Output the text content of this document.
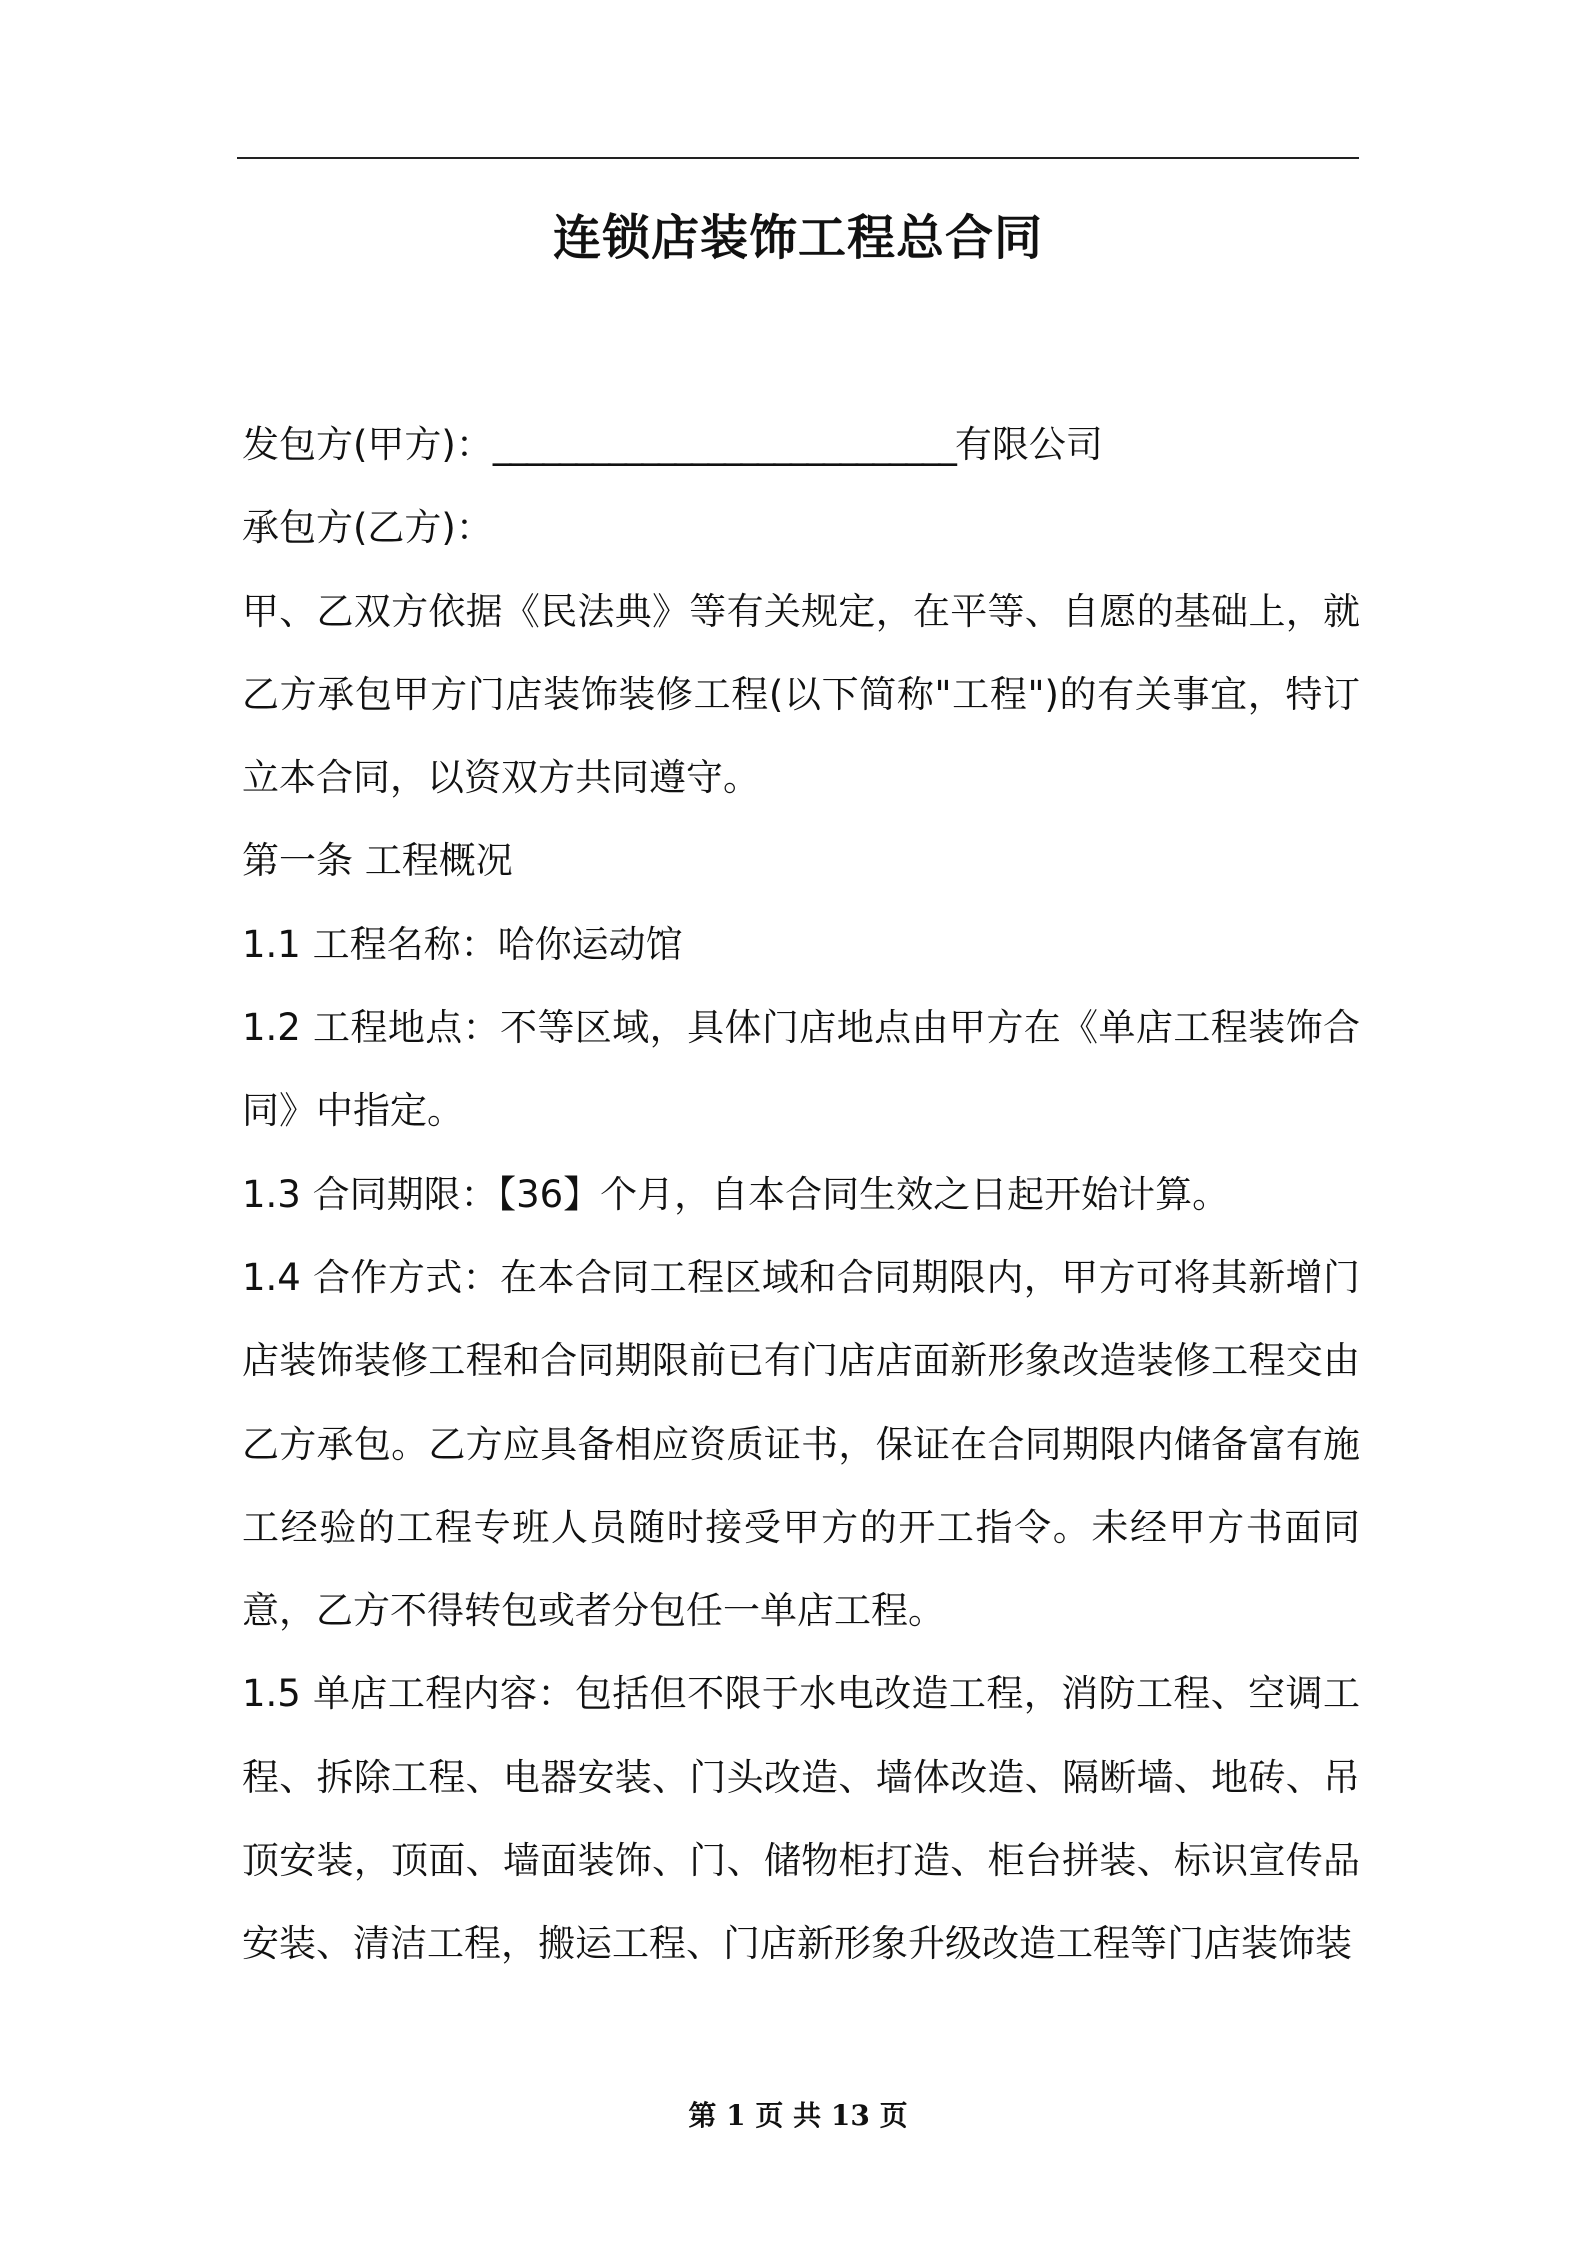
连锁店装饰工程总合同

发包方(甲方)：____________________________有限公司

承包方(乙方)：

甲、乙双方依据《民法典》等有关规定，在平等、自愿的基础上，就乙方承包甲方门店装饰装修工程(以下简称"工程")的有关事宜，特订立本合同，以资双方共同遵守。

第一条 工程概况

1.1 工程名称：哈你运动馆

1.2 工程地点：不等区域，具体门店地点由甲方在《单店工程装饰合同》中指定。

1.3 合同期限：【36】个月，自本合同生效之日起开始计算。

1.4 合作方式：在本合同工程区域和合同期限内，甲方可将其新增门店装饰装修工程和合同期限前已有门店店面新形象改造装修工程交由乙方承包。乙方应具备相应资质证书，保证在合同期限内储备富有施工经验的工程专班人员随时接受甲方的开工指令。未经甲方书面同意，乙方不得转包或者分包任一单店工程。

1.5 单店工程内容：包括但不限于水电改造工程，消防工程、空调工程、拆除工程、电器安装、门头改造、墙体改造、隔断墙、地砖、吊顶安装，顶面、墙面装饰、门、储物柜打造、柜台拼装、标识宣传品安装、清洁工程，搬运工程、门店新形象升级改造工程等门店装饰装

第 1 页 共 13 页
